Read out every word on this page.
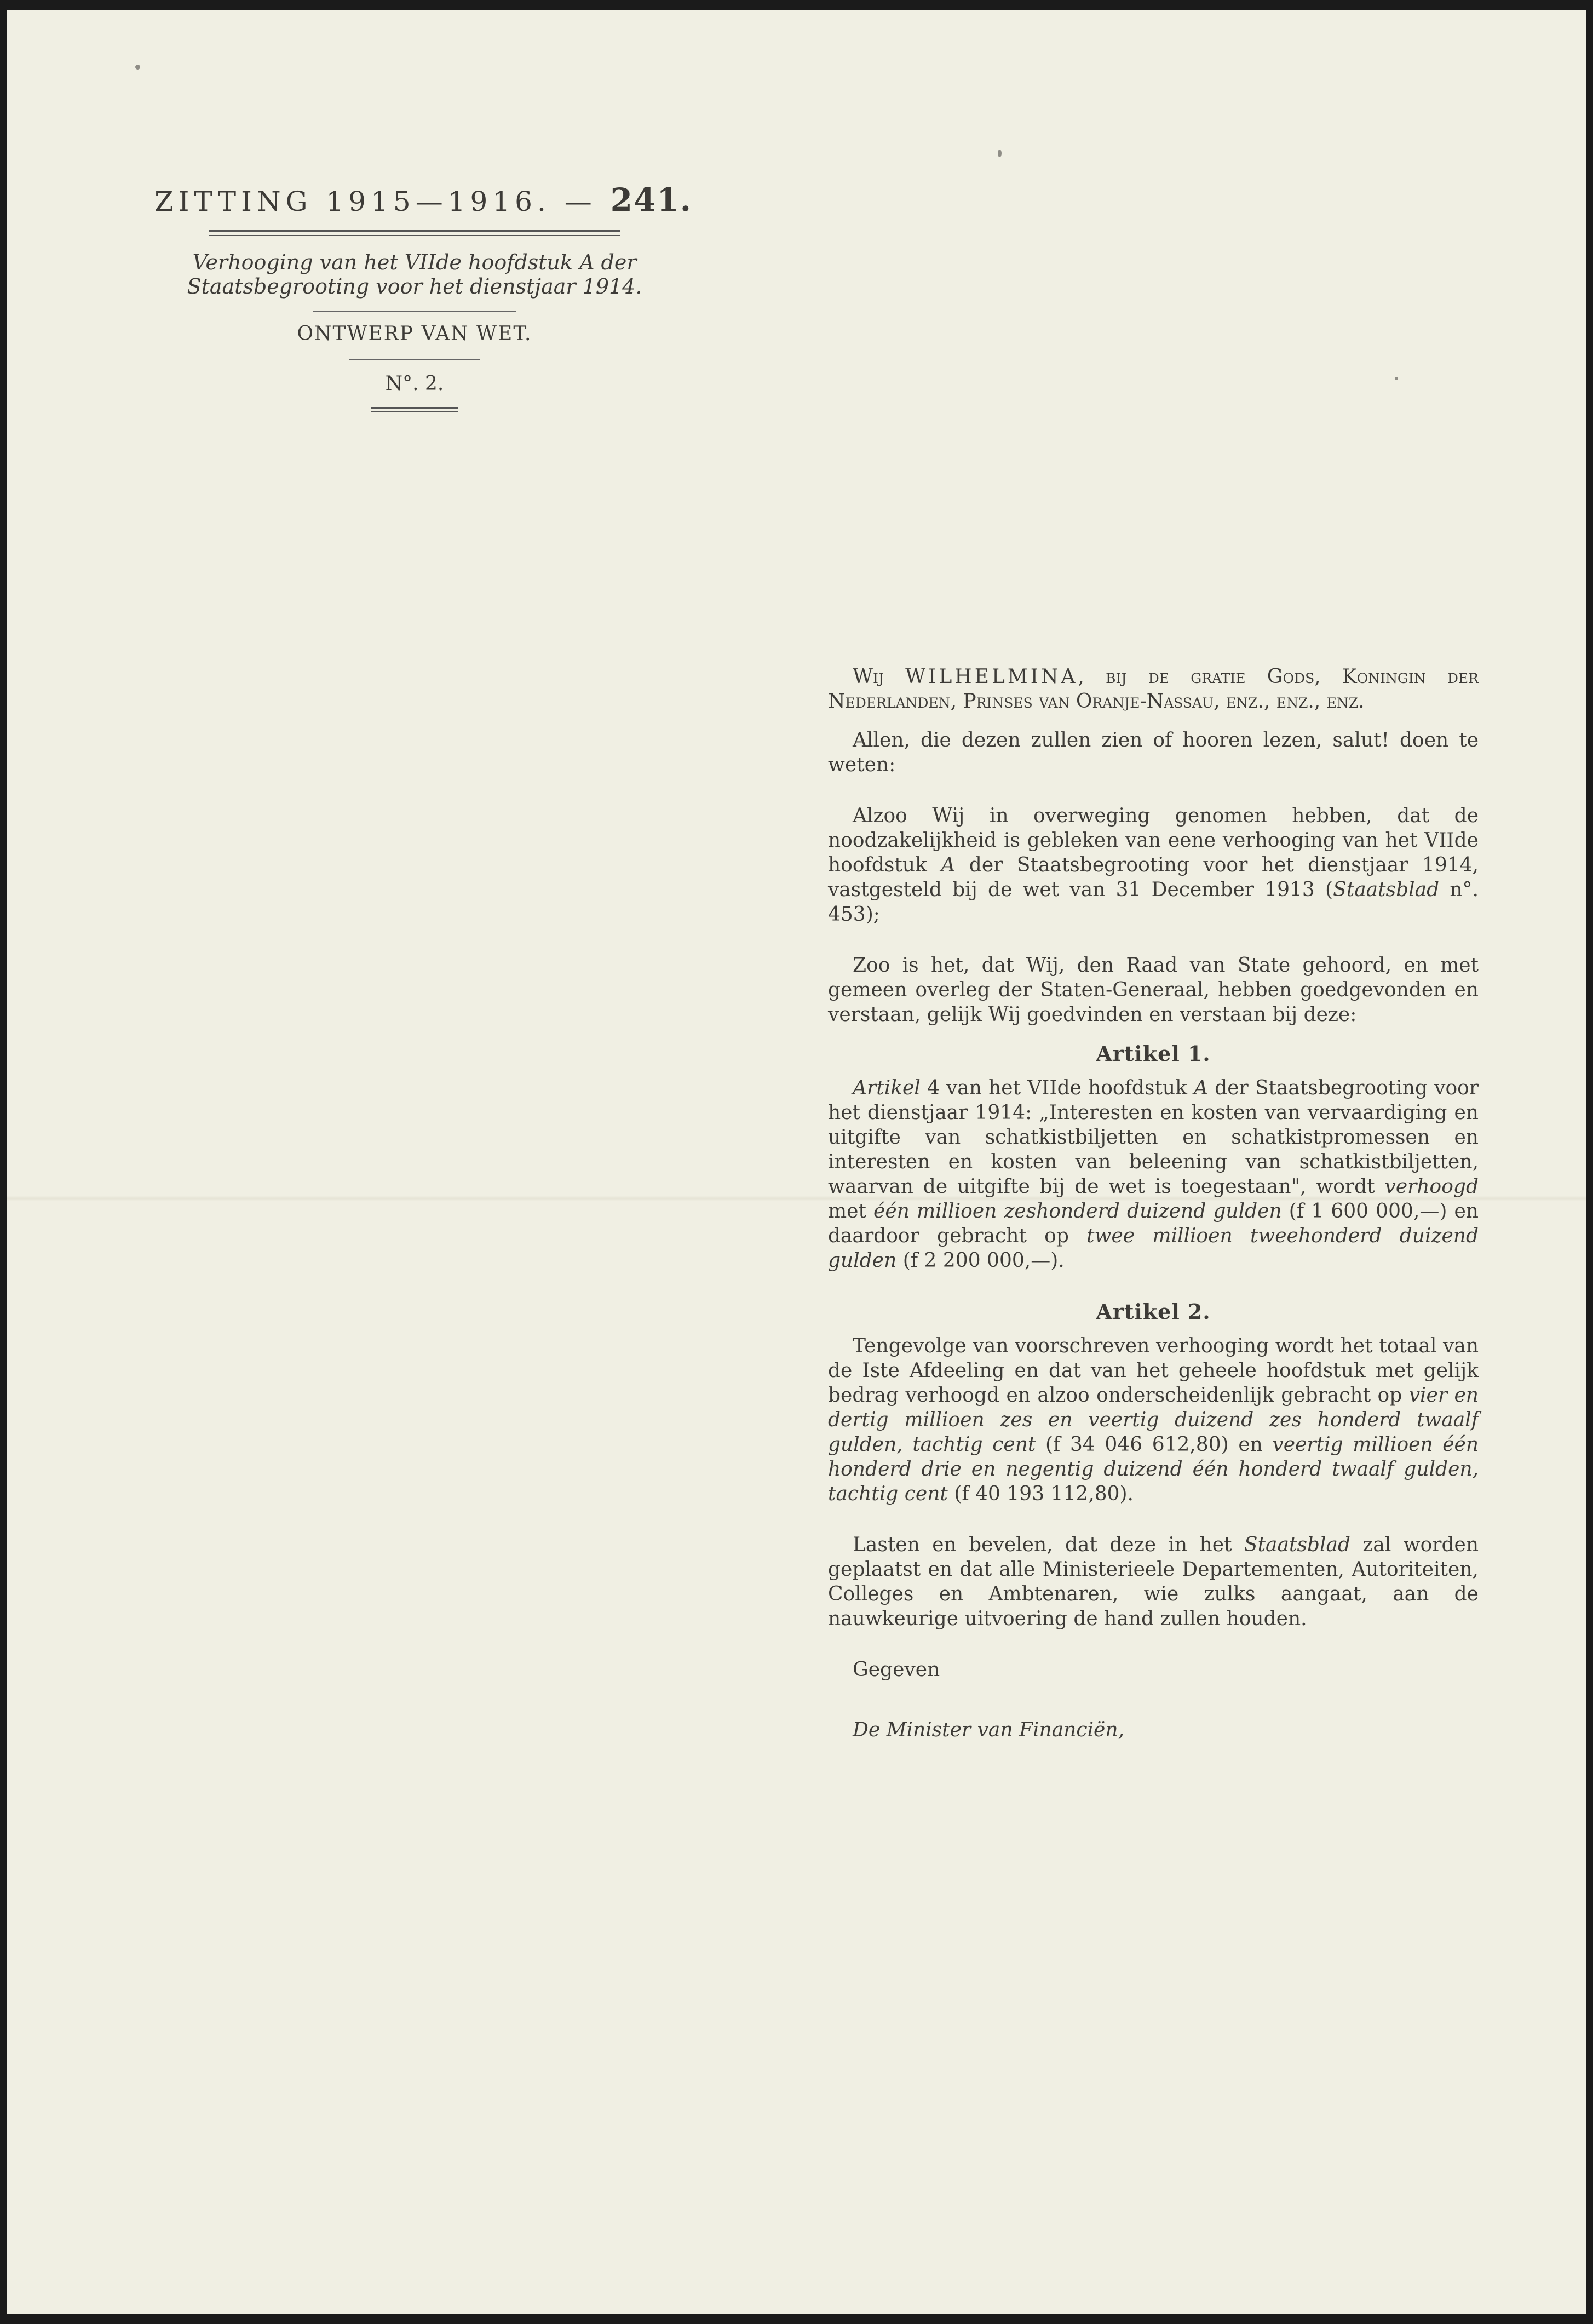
ZITTING 1915—1916. — 241.
Verhooging van het VIIde hoofdstuk A der
Staatsbegrooting voor het dienstjaar 1914.
ONTWERP VAN WET.
N°. 2.

Wij WILHELMINA, bij de gratie Gods, Koningin der Nederlanden, Prinses van Oranje-Nassau, enz., enz., enz.

Allen, die dezen zullen zien of hooren lezen, salut! doen te weten:

Alzoo Wij in overweging genomen hebben, dat de noodzakelijkheid is gebleken van eene verhooging van het VIIde hoofdstuk A der Staatsbegrooting voor het dienstjaar 1914, vastgesteld bij de wet van 31 December 1913 (Staatsblad n°. 453);

Zoo is het, dat Wij, den Raad van State gehoord, en met gemeen overleg der Staten-Generaal, hebben goedgevonden en verstaan, gelijk Wij goedvinden en verstaan bij deze:

Artikel 1.

Artikel 4 van het VIIde hoofdstuk A der Staatsbegrooting voor het dienstjaar 1914: „Interesten en kosten van vervaardiging en uitgifte van schatkistbiljetten en schatkistpromessen en interesten en kosten van beleening van schatkistbiljetten, waarvan de uitgifte bij de wet is toegestaan", wordt verhoogd met één millioen zeshonderd duizend gulden (f 1 600 000,—) en daardoor gebracht op twee millioen tweehonderd duizend gulden (f 2 200 000,—).

Artikel 2.

Tengevolge van voorschreven verhooging wordt het totaal van de Iste Afdeeling en dat van het geheele hoofdstuk met gelijk bedrag verhoogd en alzoo onderscheidenlijk gebracht op vier en dertig millioen zes en veertig duizend zes honderd twaalf gulden, tachtig cent (f 34 046 612,80) en veertig millioen één honderd drie en negentig duizend één honderd twaalf gulden, tachtig cent (f 40 193 112,80).

Lasten en bevelen, dat deze in het Staatsblad zal worden geplaatst en dat alle Ministerieele Departementen, Autoriteiten, Colleges en Ambtenaren, wie zulks aangaat, aan de nauwkeurige uitvoering de hand zullen houden.

Gegeven
De Minister van Financiën,
